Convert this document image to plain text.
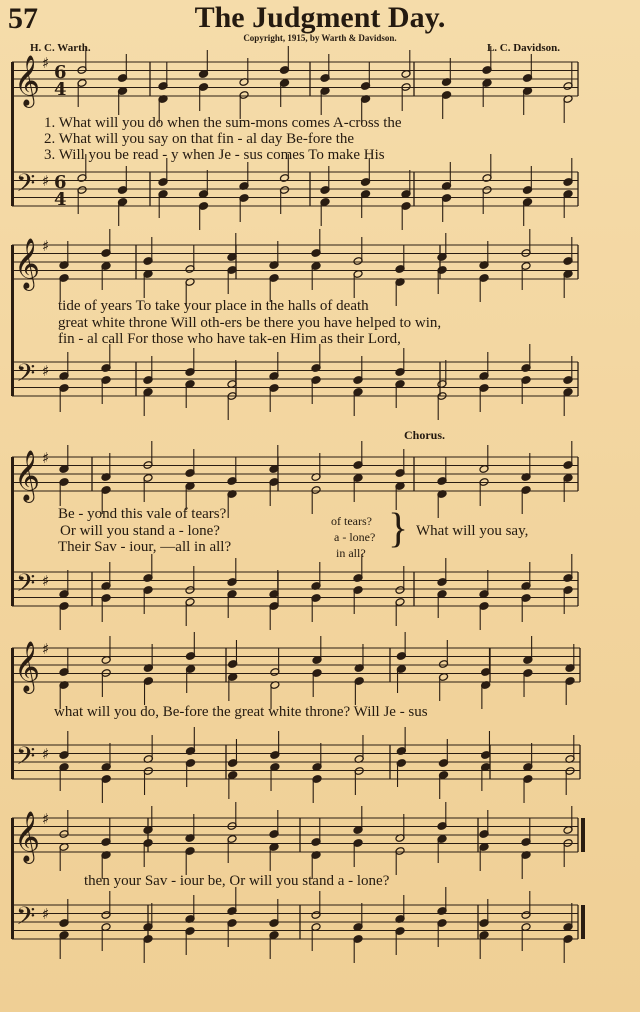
57	The Judgment Day.
Copyright, 1915, by Warth & Davidson.
H. C. Warth.	L. C. Davidson.
𝄞
𝄢
♯
♯
6
4
6
4
𝄞
𝄢
♯
♯
𝄞
𝄢
♯
♯
𝄞
𝄢
♯
♯
𝄞
𝄢
♯
♯
1. What will you do when the sum-mons comes A-cross the
2. What will you say on that fin - al day Be-fore the
3. Will you be read - y when Je - sus comes To make His
tide of years To take your place in the halls of death
great white throne Will oth-ers be there you have helped to win,
fin - al call For those who have tak-en Him as their Lord,
Chorus.
Be - yond this vale of tears?
Or will you stand a - lone?
Their Sav - iour, —all in all?
of tears?
a - lone?
in all?
} What will you say,
what will you do, Be-fore the great white throne? Will Je - sus
then your Sav - iour be, Or will you stand a - lone?
